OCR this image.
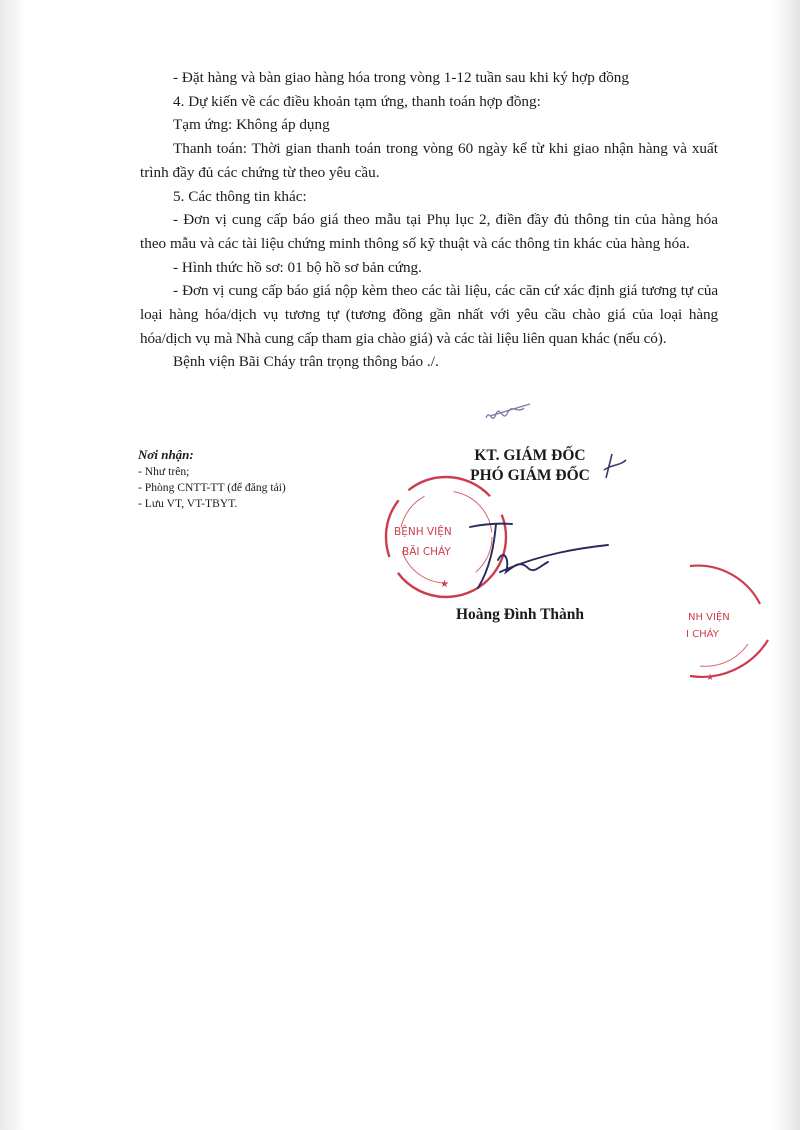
- Đặt hàng và bàn giao hàng hóa trong vòng 1-12 tuần sau khi ký hợp đồng

4. Dự kiến về các điều khoản tạm ứng, thanh toán hợp đồng:

Tạm ứng: Không áp dụng

Thanh toán: Thời gian thanh toán trong vòng 60 ngày kể từ khi giao nhận hàng và xuất trình đầy đủ các chứng từ theo yêu cầu.

5. Các thông tin khác:

- Đơn vị cung cấp báo giá theo mẫu tại Phụ lục 2, điền đầy đủ thông tin của hàng hóa theo mẫu và các tài liệu chứng minh thông số kỹ thuật và các thông tin khác của hàng hóa.

- Hình thức hồ sơ: 01 bộ hồ sơ bản cứng.

- Đơn vị cung cấp báo giá nộp kèm theo các tài liệu, các căn cứ xác định giá tương tự của loại hàng hóa/dịch vụ tương tự (tương đồng gần nhất với yêu cầu chào giá của loại hàng hóa/dịch vụ mà Nhà cung cấp tham gia chào giá) và các tài liệu liên quan khác (nếu có).

Bệnh viện Bãi Cháy trân trọng thông báo ./.

Nơi nhận:
- Như trên;
- Phòng CNTT-TT (để đăng tải)
- Lưu VT, VT-TBYT.
KT. GIÁM ĐỐC
PHÓ GIÁM ĐỐC
Hoàng Đình Thành
BỆNH VIỆN
BÃI CHÁY
★
NH VIỆN
I CHÁY
★
